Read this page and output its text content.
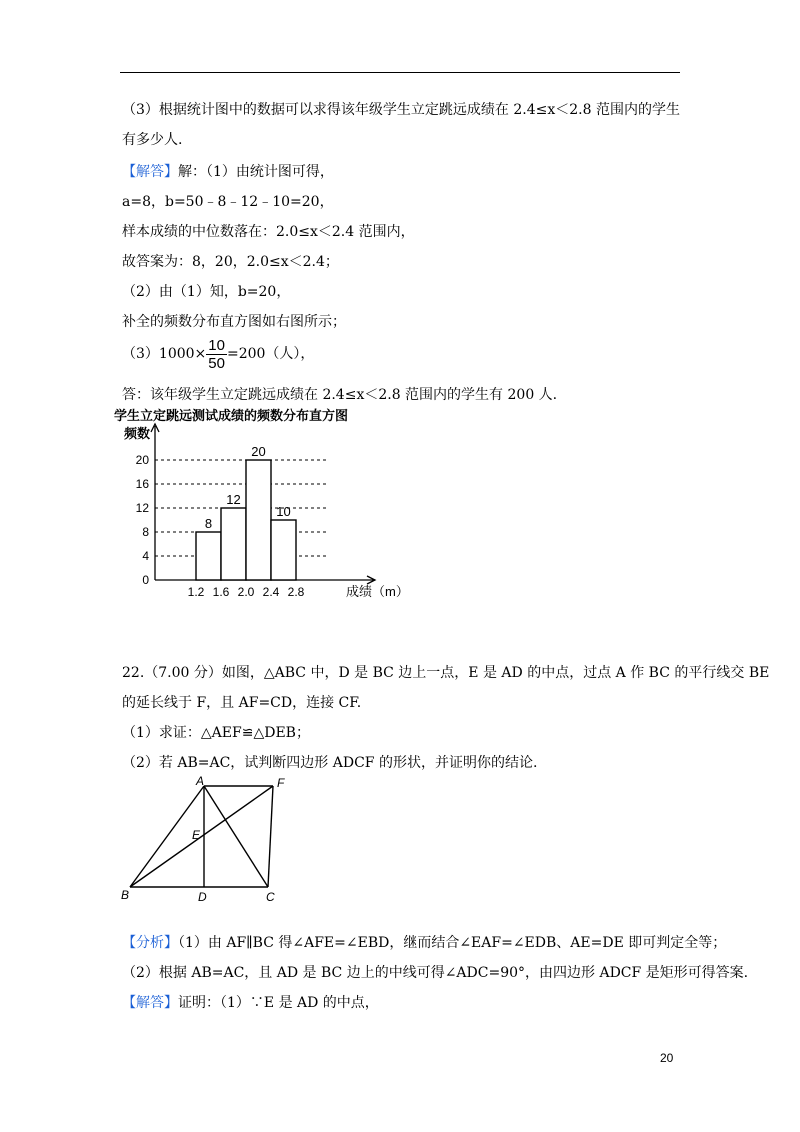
（3）根据统计图中的数据可以求得该年级学生立定跳远成绩在 2.4≤x＜2.8 范围内的学生
有多少人.
【解答】解：（1）由统计图可得，
a=8，b=50﹣8﹣12﹣10=20，
样本成绩的中位数落在：2.0≤x＜2.4 范围内，
故答案为：8，20，2.0≤x＜2.4；
（2）由（1）知，b=20，
补全的频数分布直方图如右图所示；
$(3)1000\times \frac{10}{50} =200$（人），
答：该年级学生立定跳远成绩在 2.4≤x＜2.8 范围内的学生有 200 人.
学生立定跳远测试成绩的频数分布直方图
频数
成绩（m）
0
4
8
12
16
20
8
12
20
10
1.2 1.6 2.0 2.4 2.8
22.（7.00 分）如图，△ABC 中，D 是 BC 边上一点，E 是 AD 的中点，过点 A 作 BC 的平行线交 BE
的延长线于 F，且 AF=CD，连接 CF.
（1）求证：△AEF≌△DEB；
（2）若 AB=AC，试判断四边形 ADCF 的形状，并证明你的结论.
A	F
E
B	D	C
【分析】（1）由 AF∥BC 得∠AFE=∠EBD，继而结合∠EAF=∠EDB、AE=DE 即可判定全等；
（2）根据 AB=AC，且 AD 是 BC 边上的中线可得∠ADC=90°，由四边形 ADCF 是矩形可得答案.
【解答】证明：（1）∵E 是 AD 的中点，
20
